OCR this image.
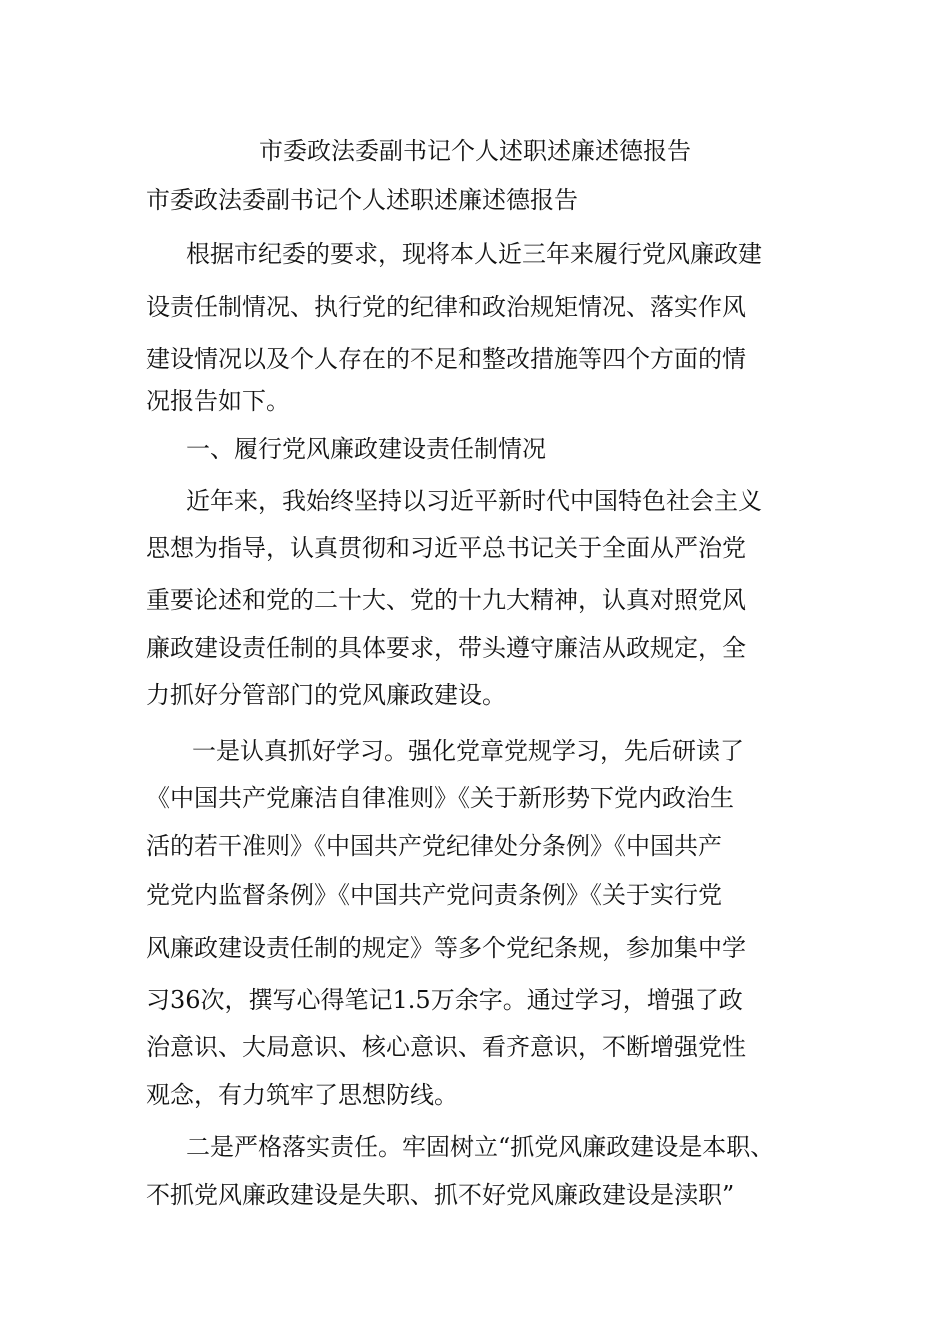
市委政法委副书记个人述职述廉述德报告
市委政法委副书记个人述职述廉述德报告
根据市纪委的要求，现将本人近三年来履行党风廉政建
设责任制情况、执行党的纪律和政治规矩情况、落实作风
建设情况以及个人存在的不足和整改措施等四个方面的情
况报告如下。
一、履行党风廉政建设责任制情况
近年来，我始终坚持以习近平新时代中国特色社会主义
思想为指导，认真贯彻和习近平总书记关于全面从严治党
重要论述和党的二十大、党的十九大精神，认真对照党风
廉政建设责任制的具体要求，带头遵守廉洁从政规定，全
力抓好分管部门的党风廉政建设。
一是认真抓好学习。强化党章党规学习，先后研读了
《中国共产党廉洁自律准则》《关于新形势下党内政治生
活的若干准则》《中国共产党纪律处分条例》《中国共产
党党内监督条例》《中国共产党问责条例》《关于实行党
风廉政建设责任制的规定》等多个党纪条规，参加集中学
习36次，撰写心得笔记1.5万余字。通过学习，增强了政
治意识、大局意识、核心意识、看齐意识，不断增强党性
观念，有力筑牢了思想防线。
二是严格落实责任。牢固树立“抓党风廉政建设是本职、
不抓党风廉政建设是失职、抓不好党风廉政建设是渎职”
